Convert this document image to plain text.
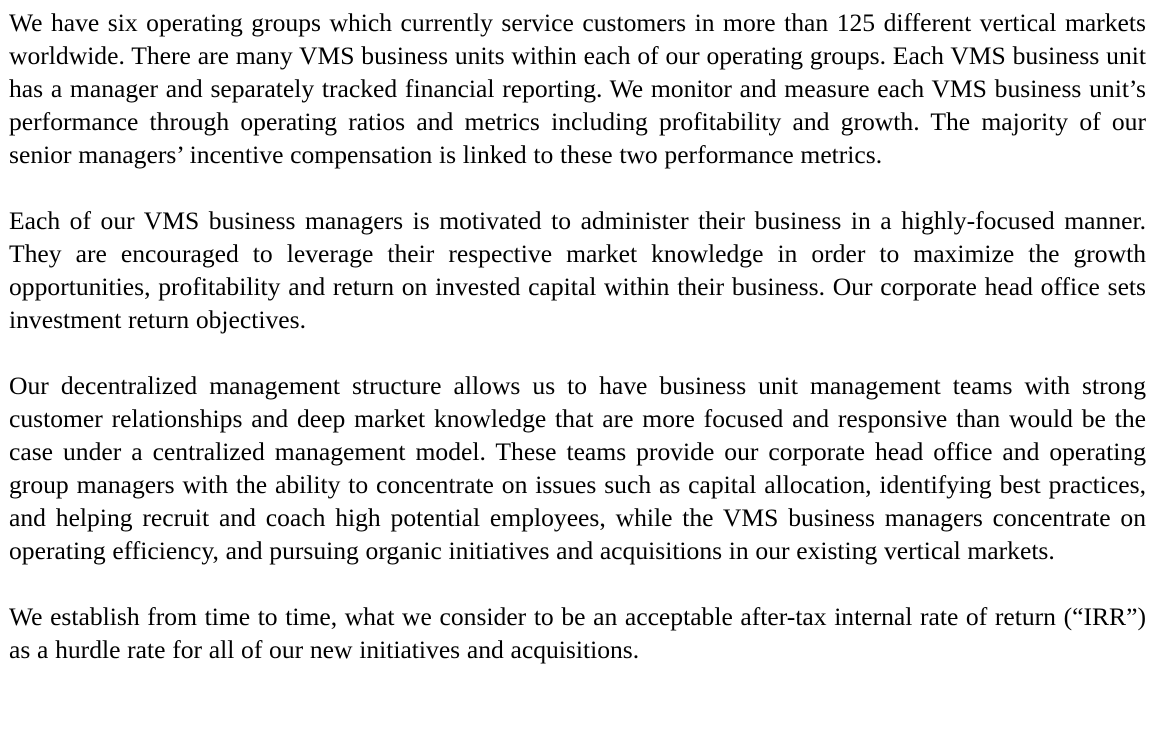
We have six operating groups which currently service customers in more than 125 different vertical markets worldwide. There are many VMS business units within each of our operating groups. Each VMS business unit has a manager and separately tracked financial reporting. We monitor and measure each VMS business unit’s performance through operating ratios and metrics including profitability and growth. The majority of our senior managers’ incentive compensation is linked to these two performance metrics.

Each of our VMS business managers is motivated to administer their business in a highly-focused manner. They are encouraged to leverage their respective market knowledge in order to maximize the growth opportunities, profitability and return on invested capital within their business. Our corporate head office sets investment return objectives.

Our decentralized management structure allows us to have business unit management teams with strong customer relationships and deep market knowledge that are more focused and responsive than would be the case under a centralized management model. These teams provide our corporate head office and operating group managers with the ability to concentrate on issues such as capital allocation, identifying best practices, and helping recruit and coach high potential employees, while the VMS business managers concentrate on operating efficiency, and pursuing organic initiatives and acquisitions in our existing vertical markets.

We establish from time to time, what we consider to be an acceptable after-tax internal rate of return (“IRR”) as a hurdle rate for all of our new initiatives and acquisitions.
